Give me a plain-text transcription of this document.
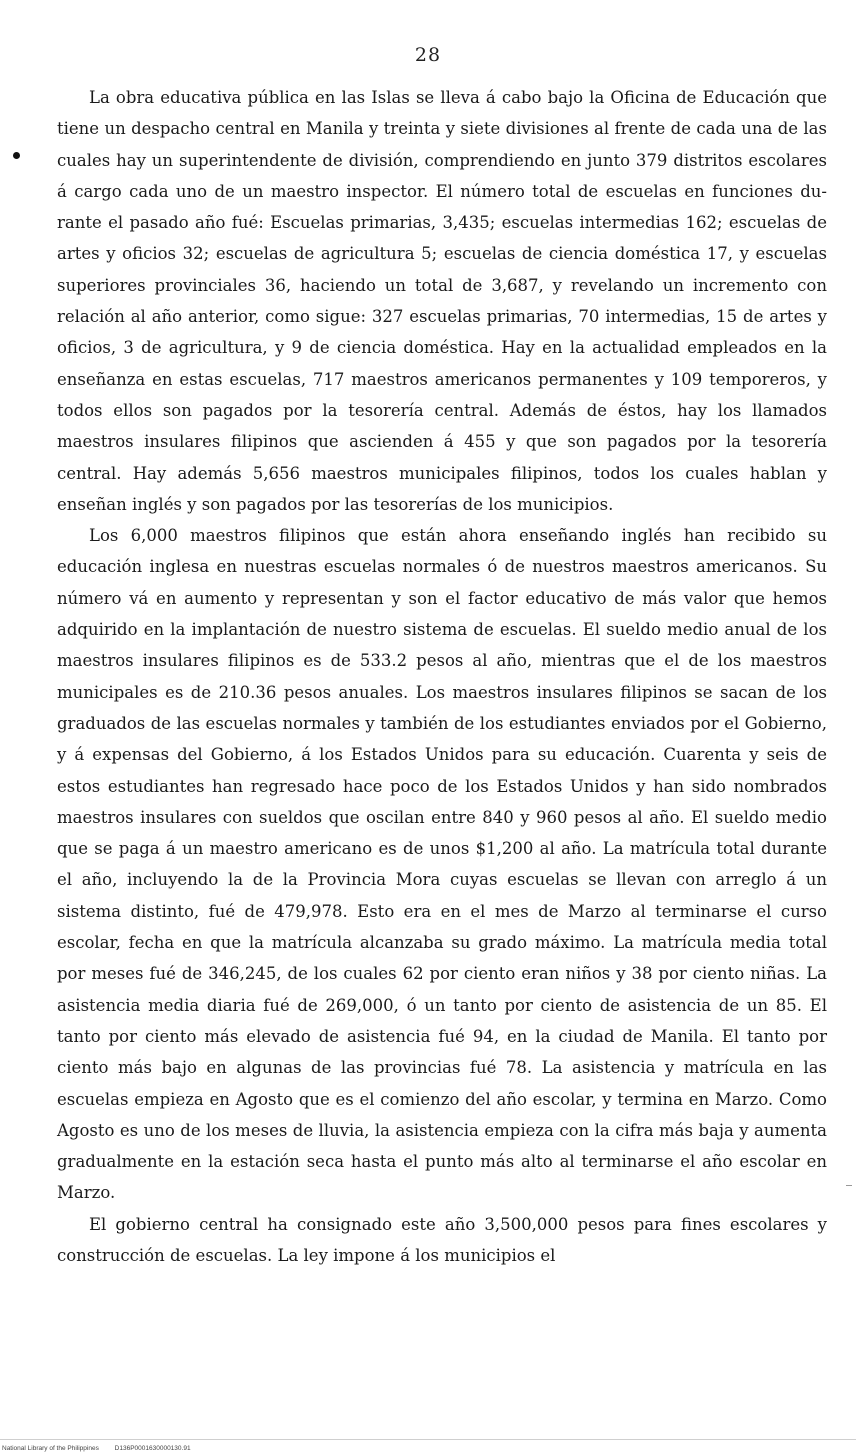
28

La obra educativa pública en las Islas se lleva á cabo bajo la Oficina de Educación que tiene un despacho central en Manila y treinta y siete divisiones al frente de cada una de las cuales hay un superintendente de división, comprendiendo en junto 379 distritos escolares á cargo cada uno de un maestro inspector. El número total de escuelas en funciones durante el pasado año fué: Escuelas primarias, 3,435; escuelas intermedias 162; escuelas de artes y oficios 32; escuelas de agricultura 5; escuelas de ciencia doméstica 17, y escuelas superiores provinciales 36, haciendo un total de 3,687, y revelando un incremento con relación al año anterior, como sigue: 327 escuelas primarias, 70 intermedias, 15 de artes y oficios, 3 de agricultura, y 9 de ciencia doméstica. Hay en la actualidad empleados en la enseñanza en estas escuelas, 717 maestros americanos permanentes y 109 temporeros, y todos ellos son pagados por la tesorería central. Además de éstos, hay los llamados maestros insulares filipinos que ascienden á 455 y que son pagados por la tesorería central. Hay además 5,656 maestros municipales filipinos, todos los cuales hablan y enseñan inglés y son pagados por las tesorerías de los municipios.

Los 6,000 maestros filipinos que están ahora enseñando inglés han recibido su educación inglesa en nuestras escuelas normales ó de nuestros maestros americanos. Su número vá en aumento y representan y son el factor educativo de más valor que hemos adquirido en la implantación de nuestro sistema de escuelas. El sueldo medio anual de los maestros insulares filipinos es de 533.2 pesos al año, mientras que el de los maestros municipales es de 210.36 pesos anuales. Los maestros insulares filipinos se sacan de los graduados de las escuelas normales y también de los estudiantes enviados por el Gobierno, y á expensas del Gobierno, á los Estados Unidos para su educación. Cuarenta y seis de estos estudiantes han regresado hace poco de los Estados Unidos y han sido nombrados maestros insulares con sueldos que oscilan entre 840 y 960 pesos al año. El sueldo medio que se paga á un maestro americano es de unos $1,200 al año. La matrícula total durante el año, incluyendo la de la Provincia Mora cuyas escuelas se llevan con arreglo á un sistema distinto, fué de 479,978. Esto era en el mes de Marzo al terminarse el curso escolar, fecha en que la matrícula alcanzaba su grado máximo. La matrícula media total por meses fué de 346,245, de los cuales 62 por ciento eran niños y 38 por ciento niñas. La asistencia media diaria fué de 269,000, ó un tanto por ciento de asistencia de un 85. El tanto por ciento más elevado de asistencia fué 94, en la ciudad de Manila. El tanto por ciento más bajo en algunas de las provincias fué 78. La asistencia y matrícula en las escuelas empieza en Agosto que es el comienzo del año escolar, y termina en Marzo. Como Agosto es uno de los meses de lluvia, la asistencia empieza con la cifra más baja y aumenta gradualmente en la estación seca hasta el punto más alto al terminarse el año escolar en Marzo.

El gobierno central ha consignado este año 3,500,000 pesos para fines escolares y construcción de escuelas. La ley impone á los municipios el

National Library of the Philippines D136P0001630000130.91
